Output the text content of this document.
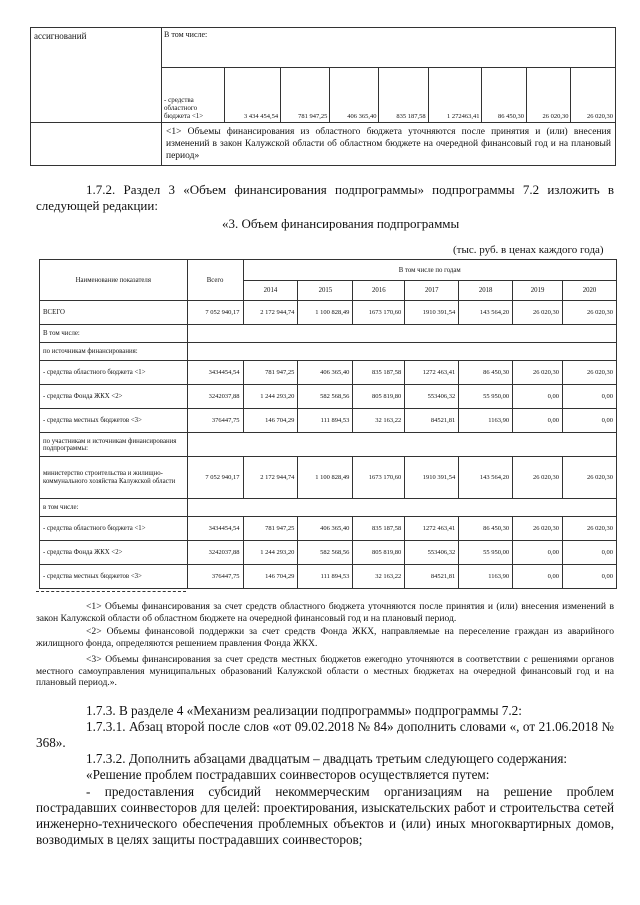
ассигнований	В том числе:								
	- средства областного бюджета <1>	3 434 454,54	781 947,25	406 365,40	835 187,58	1 272463,41	86 450,30	26 020,30	26 020,30
	<1> Объемы финансирования из областного бюджета уточняются после принятия и (или) внесения изменений в закон Калужской области об областном бюджете на очередной финансовый год и на плановый период»								
1.7.2. Раздел 3 «Объем финансирования подпрограммы» подпрограммы 7.2 изложить в следующей редакции:
«3. Объем финансирования подпрограммы
(тыс. руб. в ценах каждого года)
Наименование показателя	Всего	В том числе по годам						
		2014	2015	2016	2017	2018	2019	2020
ВСЕГО	7 052 940,17	2 172 944,74	1 100 828,49	1673 170,60	1910 391,54	143 564,20	26 020,30	26 020,30
В том числе:								
по источникам финансирования:								
- средства областного бюджета <1>	3434454,54	781 947,25	406 365,40	835 187,58	1272 463,41	86 450,30	26 020,30	26 020,30
- средства Фонда ЖКХ <2>	3242037,88	1 244 293,20	582 568,56	805 819,80	553406,32	55 950,00	0,00	0,00
- средства местных бюджетов <3>	376447,75	146 704,29	111 894,53	32 163,22	84521,81	1163,90	0,00	0,00
по участникам и источникам финансирования подпрограммы:								
министерство строительства и жилищно-коммунального хозяйства Калужской области	7 052 940,17	2 172 944,74	1 100 828,49	1673 170,60	1910 391,54	143 564,20	26 020,30	26 020,30
в том числе:								
- средства областного бюджета <1>	3434454,54	781 947,25	406 365,40	835 187,58	1272 463,41	86 450,30	26 020,30	26 020,30
- средства Фонда ЖКХ <2>	3242037,88	1 244 293,20	582 568,56	805 819,80	553406,32	55 950,00	0,00	0,00
- средства местных бюджетов <3>	376447,75	146 704,29	111 894,53	32 163,22	84521,81	1163,90	0,00	0,00
<1> Объемы финансирования за счет средств областного бюджета уточняются после принятия и (или) внесения изменений в закон Калужской области об областном бюджете на очередной финансовый год и на плановый период.
<2> Объемы финансовой поддержки за счет средств Фонда ЖКХ, направляемые на переселение граждан из аварийного жилищного фонда, определяются решением правления Фонда ЖКХ.
<3> Объемы финансирования за счет средств местных бюджетов ежегодно уточняются в соответствии с решениями органов местного самоуправления муниципальных образований Калужской области о местных бюджетах на очередной финансовый год и на плановый период.».
1.7.3. В разделе 4 «Механизм реализации подпрограммы» подпрограммы 7.2:
1.7.3.1. Абзац второй после слов «от 09.02.2018 № 84» дополнить словами «, от 21.06.2018 № 368».
1.7.3.2. Дополнить абзацами двадцатым – двадцать третьим следующего содержания:
«Решение проблем пострадавших соинвесторов осуществляется путем:
- предоставления субсидий некоммерческим организациям на решение проблем пострадавших соинвесторов для целей: проектирования, изыскательских работ и строительства сетей инженерно-технического обеспечения проблемных объектов и (или) иных многоквартирных домов, возводимых в целях защиты пострадавших соинвесторов;
